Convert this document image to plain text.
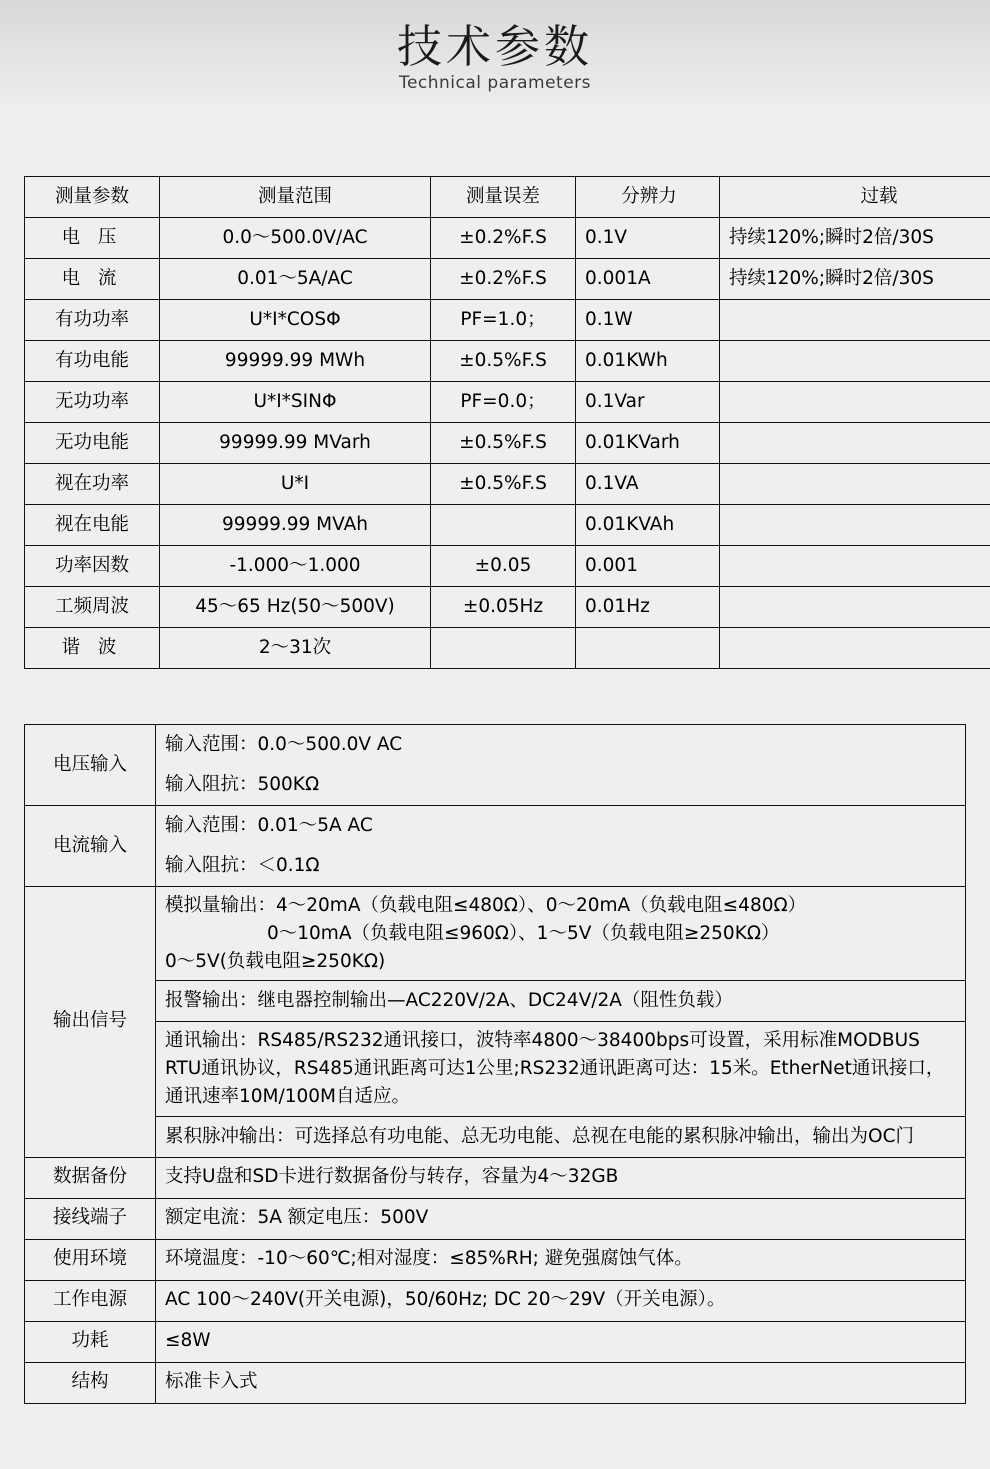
技术参数
Technical parameters
测量参数	测量范围	测量误差	分辨力	过载
电 压	0.0～500.0V/AC	±0.2%F.S	0.1V	持续120%;瞬时2倍/30S
电 流	0.01～5A/AC	±0.2%F.S	0.001A	持续120%;瞬时2倍/30S
有功功率	U*I*COSΦ	PF=1.0；	0.1W	
有功电能	99999.99 MWh	±0.5%F.S	0.01KWh	
无功功率	U*I*SINΦ	PF=0.0；	0.1Var	
无功电能	99999.99 MVarh	±0.5%F.S	0.01KVarh	
视在功率	U*I	±0.5%F.S	0.1VA	
视在电能	99999.99 MVAh		0.01KVAh	
功率因数	-1.000～1.000	±0.05	0.001	
工频周波	45～65 Hz(50～500V)	±0.05Hz	0.01Hz	
谐 波	2～31次			
电压输入	输入范围：0.0～500.0V AC
	输入阻抗：500KΩ
电流输入	输入范围：0.01～5A AC
	输入阻抗：＜0.1Ω
输出信号	模拟量输出：4～20mA（负载电阻≤480Ω）、0～20mA（负载电阻≤480Ω）
0～10mA（负载电阻≤960Ω）、1～5V（负载电阻≥250KΩ）
0～5V(负载电阻≥250KΩ)

	报警输出：继电器控制输出—AC220V/2A、DC24V/2A（阻性负载）
	通讯输出：RS485/RS232通讯接口，波特率4800～38400bps可设置，采用标准MODBUS RTU通讯协议，RS485通讯距离可达1公里;RS232通讯距离可达：15米。EtherNet通讯接口，通讯速率10M/100M自适应。
	累积脉冲输出：可选择总有功电能、总无功电能、总视在电能的累积脉冲输出，输出为OC门
数据备份	支持U盘和SD卡进行数据备份与转存，容量为4～32GB
接线端子	额定电流：5A 额定电压：500V
使用环境	环境温度：-10～60℃;相对湿度：≤85%RH; 避免强腐蚀气体。
工作电源	AC 100～240V(开关电源)，50/60Hz; DC 20～29V（开关电源）。
功耗	≤8W
结构	标准卡入式
